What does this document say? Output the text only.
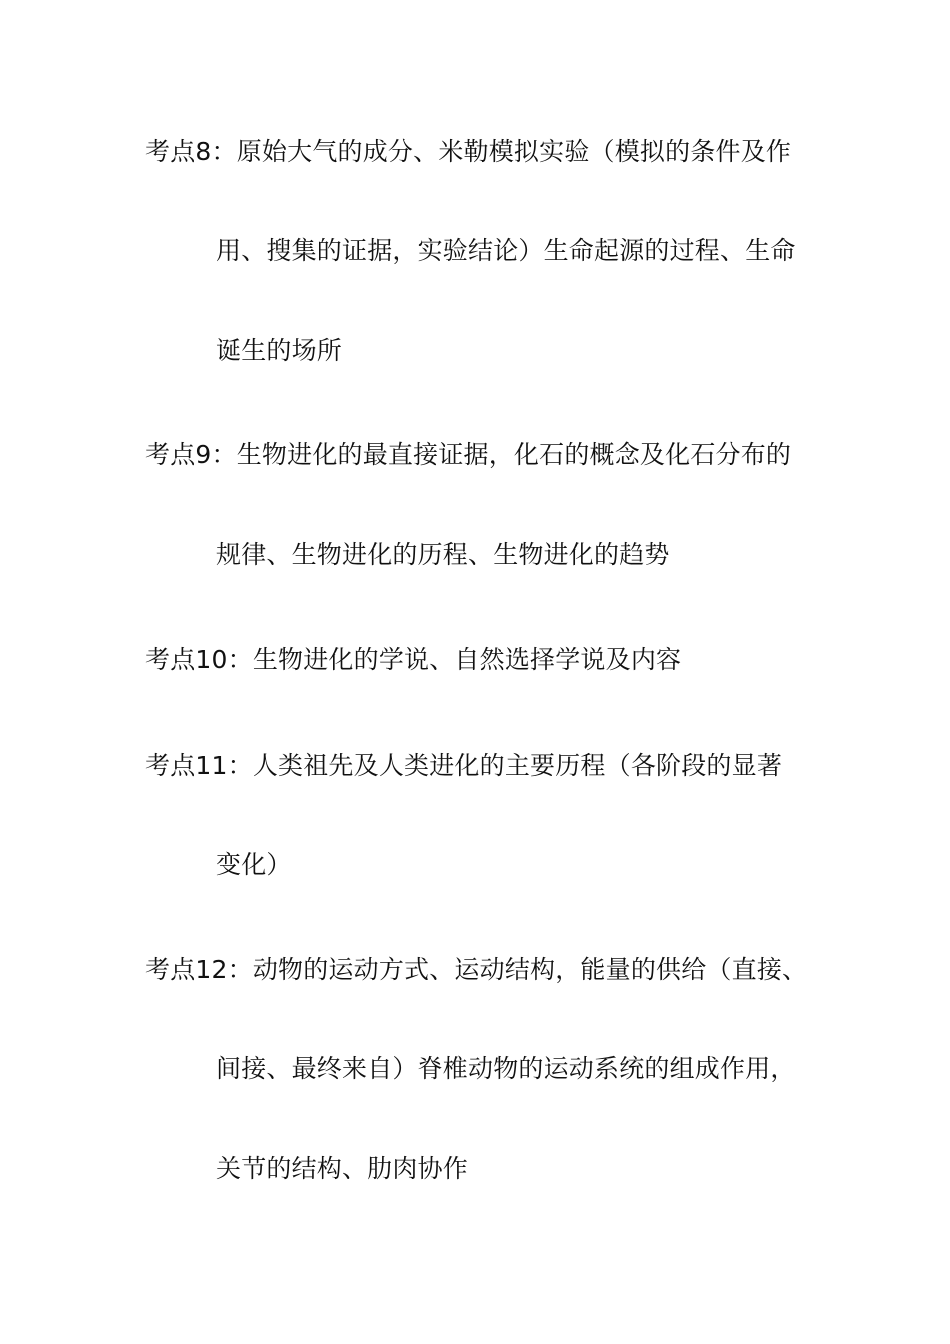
考点8：原始大气的成分、米勒模拟实验（模拟的条件及作
用、搜集的证据，实验结论）生命起源的过程、生命
诞生的场所
考点9：生物进化的最直接证据，化石的概念及化石分布的
规律、生物进化的历程、生物进化的趋势
考点10：生物进化的学说、自然选择学说及内容
考点11：人类祖先及人类进化的主要历程（各阶段的显著
变化）
考点12：动物的运动方式、运动结构，能量的供给（直接、
间接、最终来自）脊椎动物的运动系统的组成作用，
关节的结构、肋肉协作
